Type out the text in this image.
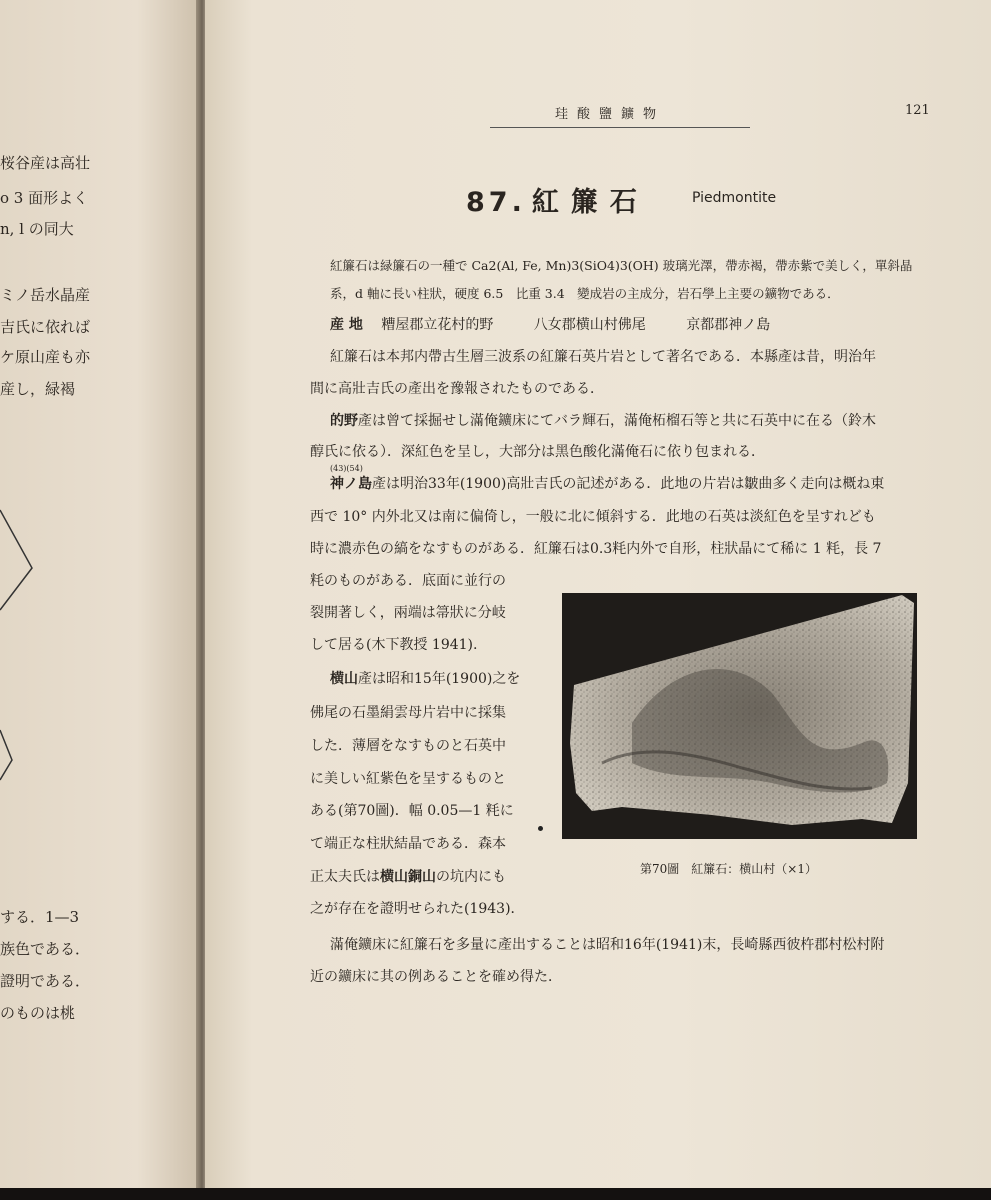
桜谷産は高壮
o 3 面形よく
n, l の同大
ミノ岳水晶産
吉氏に依れば
ケ原山産も亦
産し，緑褐
する．1—3
族色である．
證明である．
のものは桃
珪酸鹽鑛物	121
87. 紅簾石	Piedmontite
紅簾石は緑簾石の一種で Ca2(Al, Fe, Mn)3(SiO4)3(OH) 玻璃光澤，帶赤褐，帶赤紫で美しく，單斜晶
系，d 軸に長い柱狀，硬度 6.5　比重 3.4　變成岩の主成分，岩石學上主要の鑛物である．
産 地 糟屋郡立花村的野	八女郡横山村佛尾	京都郡神ノ島
紅簾石は本邦内帶古生層三波系の紅簾石英片岩として著名である．本縣產は昔，明治年
間に高壯吉氏の產出を豫報されたものである．
的野產は曾て採掘せし滿俺鑛床にてバラ輝石，滿俺柘榴石等と共に石英中に在る（鈴木
醇氏に依る）．深紅色を呈し，大部分は黑色酸化滿俺石に依り包まれる．
(43)(54)
神ノ島產は明治33年(1900)高壯吉氏の記述がある．此地の片岩は皺曲多く走向は概ね東
西で 10° 内外北又は南に偏倚し，一般に北に傾斜する．此地の石英は淡紅色を呈すれども
時に濃赤色の縞をなすものがある．紅簾石は0.3粍内外で自形，柱狀晶にて稀に 1 粍，長 7
粍のものがある．底面に並行の
裂開著しく，兩端は箒狀に分岐
して居る(木下教授 1941).
横山產は昭和15年(1900)之を
佛尾の石墨絹雲母片岩中に採集
した．薄層をなすものと石英中
に美しい紅紫色を呈するものと
ある(第70圖)．幅 0.05—1 粍に
て端正な柱狀結晶である．森本
正太夫氏は横山銅山の坑内にも
之が存在を證明せられた(1943)．
第70圖　紅簾石：横山村（×1）
滿俺鑛床に紅簾石を多量に產出することは昭和16年(1941)末，長崎縣西彼杵郡村松村附
近の鑛床に其の例あることを確め得た．
